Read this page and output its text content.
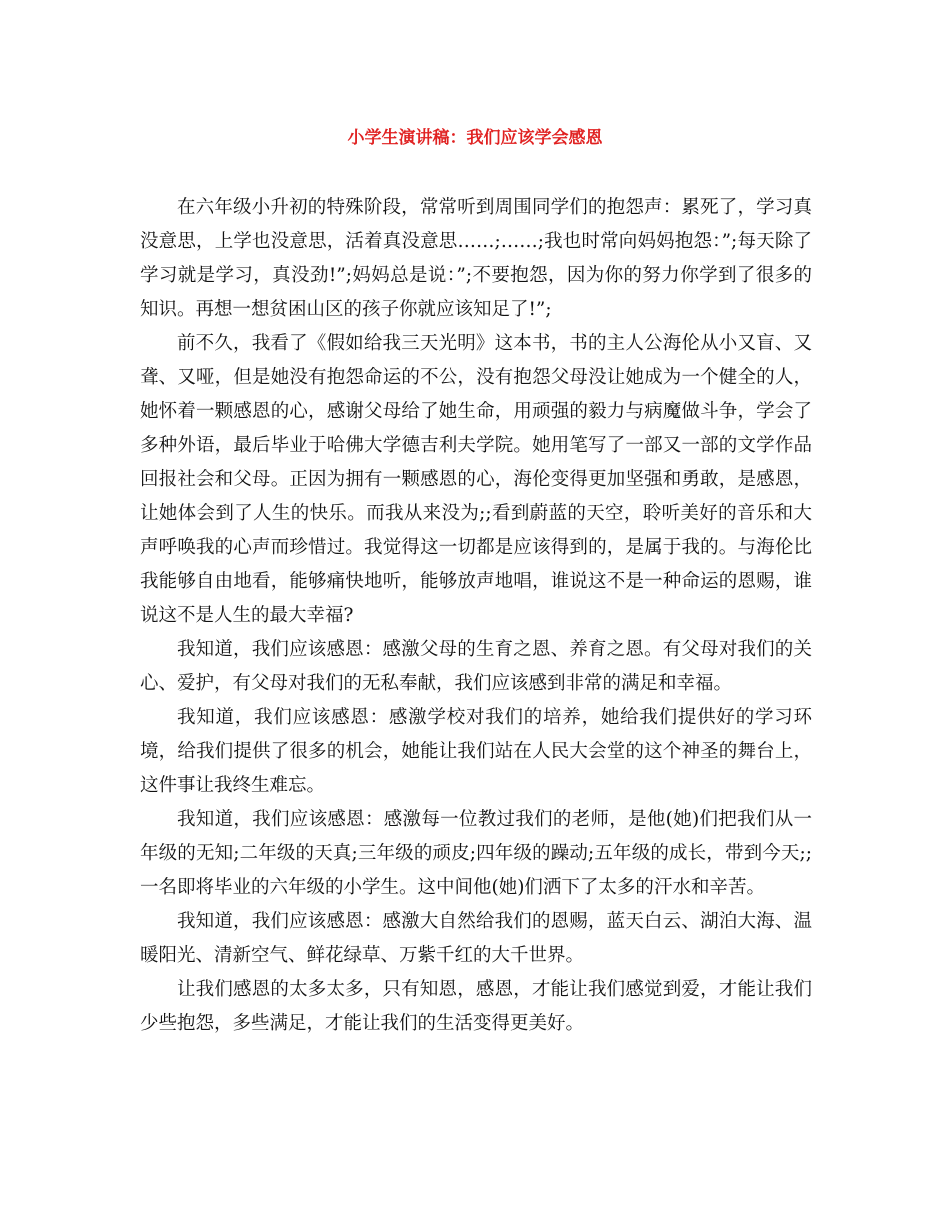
小学生演讲稿：我们应该学会感恩

在六年级小升初的特殊阶段，常常听到周围同学们的抱怨声：累死了，学习真没意思，上学也没意思，活着真没意思……;……;我也时常向妈妈抱怨：”;每天除了学习就是学习，真没劲!”;妈妈总是说：”;不要抱怨，因为你的努力你学到了很多的知识。再想一想贫困山区的孩子你就应该知足了!”;

前不久，我看了《假如给我三天光明》这本书，书的主人公海伦从小又盲、又聋、又哑，但是她没有抱怨命运的不公，没有抱怨父母没让她成为一个健全的人，她怀着一颗感恩的心，感谢父母给了她生命，用顽强的毅力与病魔做斗争，学会了多种外语，最后毕业于哈佛大学德吉利夫学院。她用笔写了一部又一部的文学作品回报社会和父母。正因为拥有一颗感恩的心，海伦变得更加坚强和勇敢，是感恩，让她体会到了人生的快乐。而我从来没为;;看到蔚蓝的天空，聆听美好的音乐和大声呼唤我的心声而珍惜过。我觉得这一切都是应该得到的，是属于我的。与海伦比我能够自由地看，能够痛快地听，能够放声地唱，谁说这不是一种命运的恩赐，谁说这不是人生的最大幸福?

我知道，我们应该感恩：感激父母的生育之恩、养育之恩。有父母对我们的关心、爱护，有父母对我们的无私奉献，我们应该感到非常的满足和幸福。

我知道，我们应该感恩：感激学校对我们的培养，她给我们提供好的学习环境，给我们提供了很多的机会，她能让我们站在人民大会堂的这个神圣的舞台上，这件事让我终生难忘。

我知道，我们应该感恩：感激每一位教过我们的老师，是他(她)们把我们从一年级的无知;二年级的天真;三年级的顽皮;四年级的躁动;五年级的成长，带到今天;;一名即将毕业的六年级的小学生。这中间他(她)们洒下了太多的汗水和辛苦。

我知道，我们应该感恩：感激大自然给我们的恩赐，蓝天白云、湖泊大海、温暖阳光、清新空气、鲜花绿草、万紫千红的大千世界。

让我们感恩的太多太多，只有知恩，感恩，才能让我们感觉到爱，才能让我们少些抱怨，多些满足，才能让我们的生活变得更美好。
